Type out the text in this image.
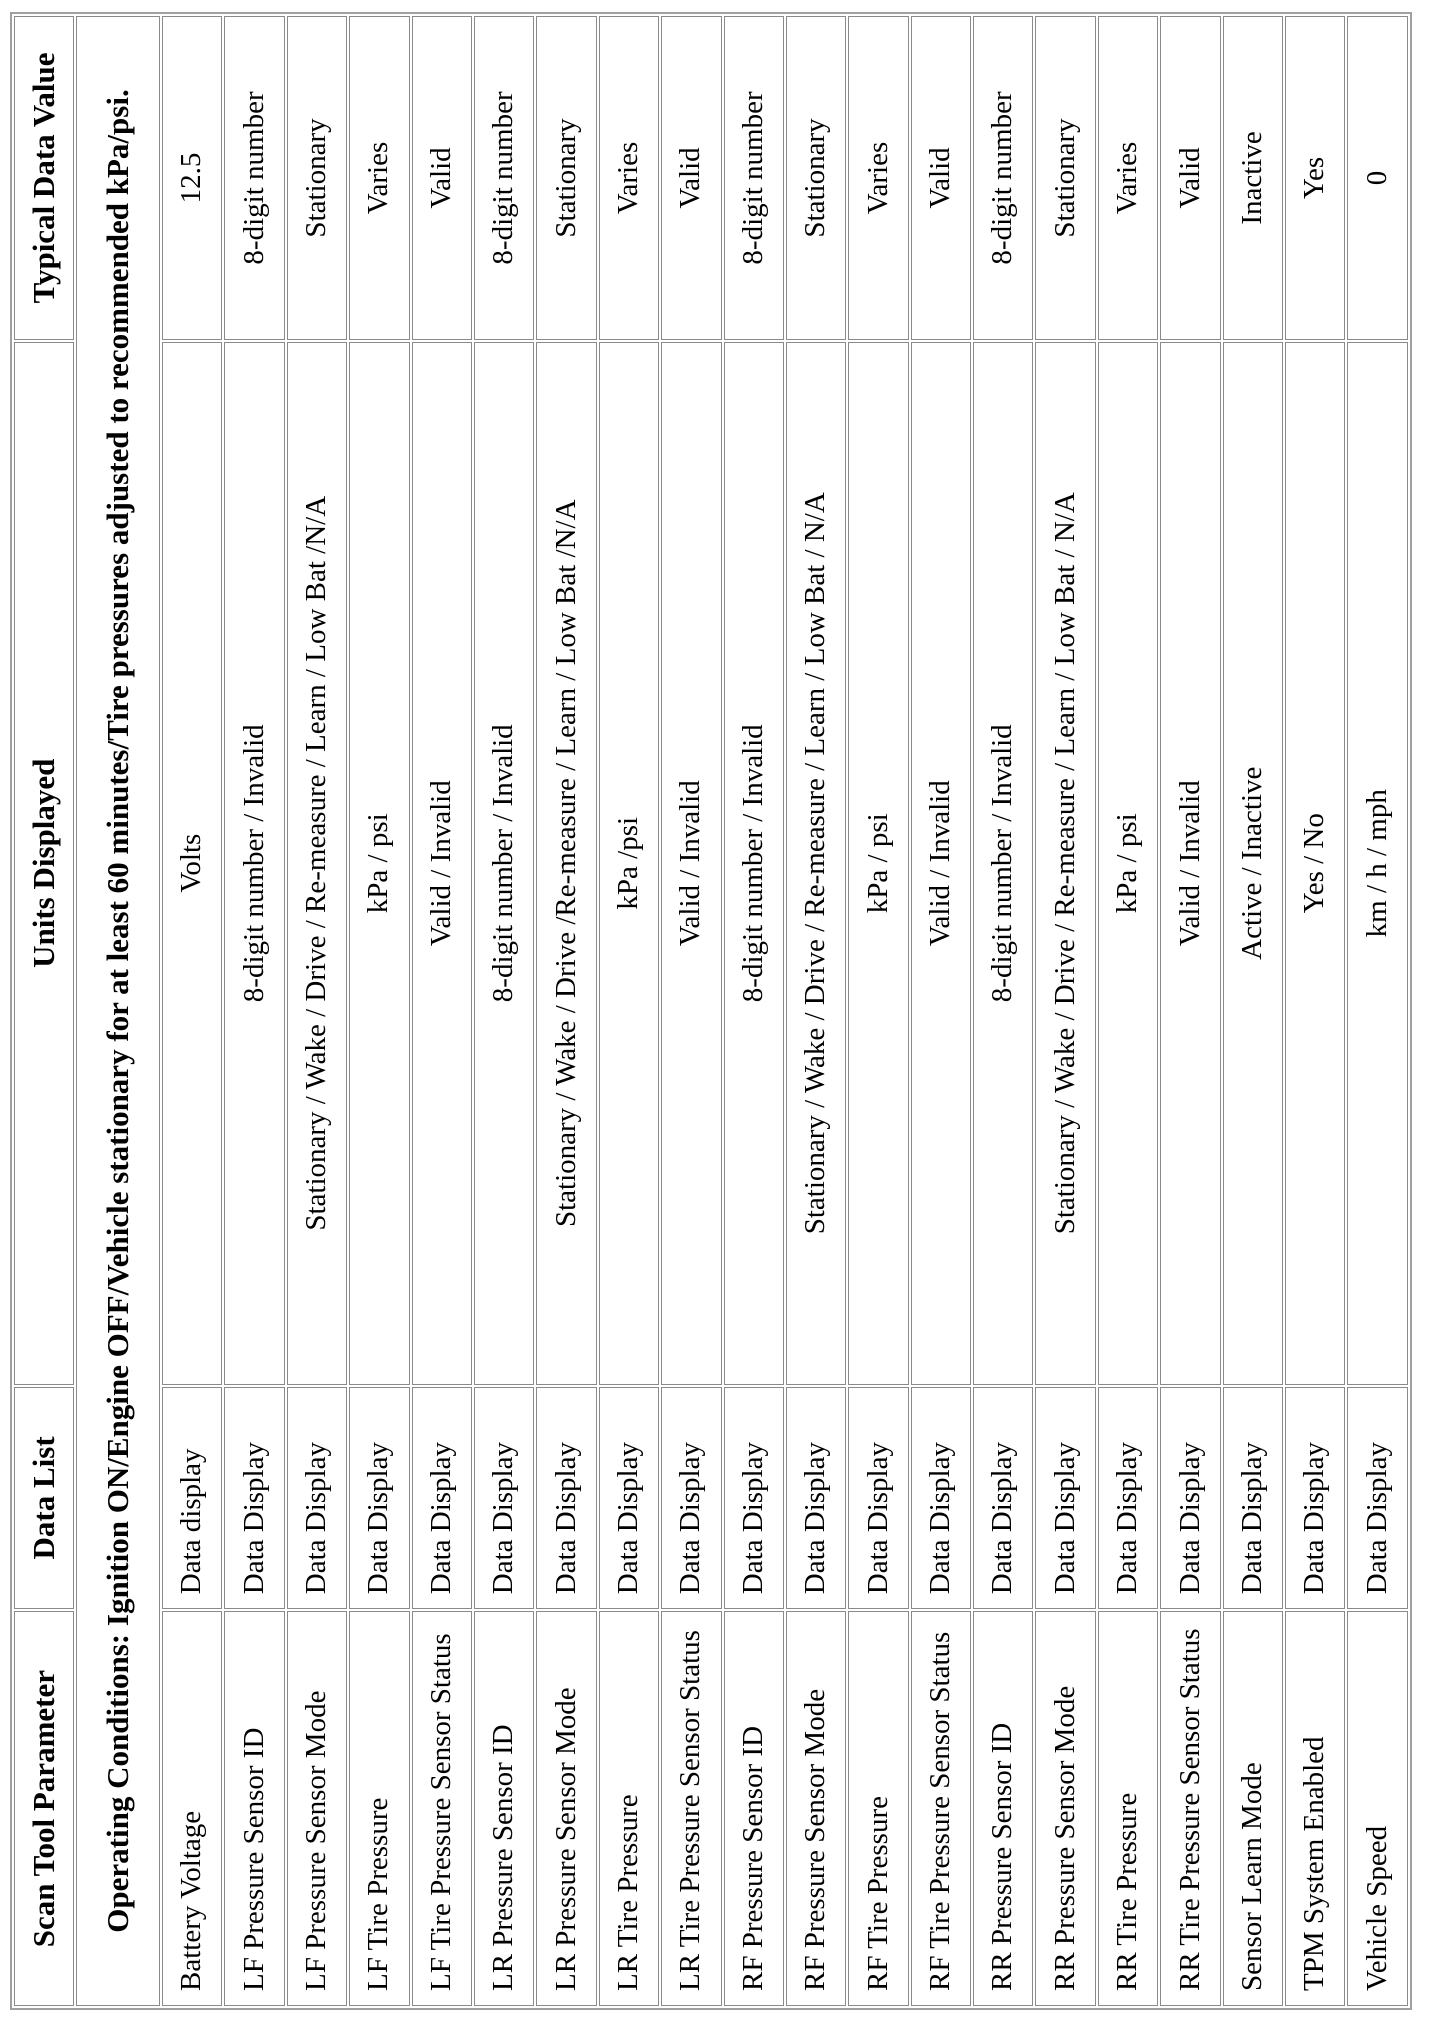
Scan Tool Parameter	Data List	Units Displayed	Typical Data Value
Operating Conditions: Ignition ON/Engine OFF/Vehicle stationary for at least 60 minutes/Tire pressures adjusted to recommended kPa/psi.			
Battery Voltage	Data display	Volts	12.5
LF Pressure Sensor ID	Data Display	8-digit number / Invalid	8-digit number
LF Pressure Sensor Mode	Data Display	Stationary / Wake / Drive / Re-measure / Learn / Low Bat /N/A	Stationary
LF Tire Pressure	Data Display	kPa / psi	Varies
LF Tire Pressure Sensor Status	Data Display	Valid / Invalid	Valid
LR Pressure Sensor ID	Data Display	8-digit number / Invalid	8-digit number
LR Pressure Sensor Mode	Data Display	Stationary / Wake / Drive /Re-measure / Learn / Low Bat /N/A	Stationary
LR Tire Pressure	Data Display	kPa /psi	Varies
LR Tire Pressure Sensor Status	Data Display	Valid / Invalid	Valid
RF Pressure Sensor ID	Data Display	8-digit number / Invalid	8-digit number
RF Pressure Sensor Mode	Data Display	Stationary / Wake / Drive / Re-measure / Learn / Low Bat / N/A	Stationary
RF Tire Pressure	Data Display	kPa / psi	Varies
RF Tire Pressure Sensor Status	Data Display	Valid / Invalid	Valid
RR Pressure Sensor ID	Data Display	8-digit number / Invalid	8-digit number
RR Pressure Sensor Mode	Data Display	Stationary / Wake / Drive / Re-measure / Learn / Low Bat / N/A	Stationary
RR Tire Pressure	Data Display	kPa / psi	Varies
RR Tire Pressure Sensor Status	Data Display	Valid / Invalid	Valid
Sensor Learn Mode	Data Display	Active / Inactive	Inactive
TPM System Enabled	Data Display	Yes / No	Yes
Vehicle Speed	Data Display	km / h / mph	0
